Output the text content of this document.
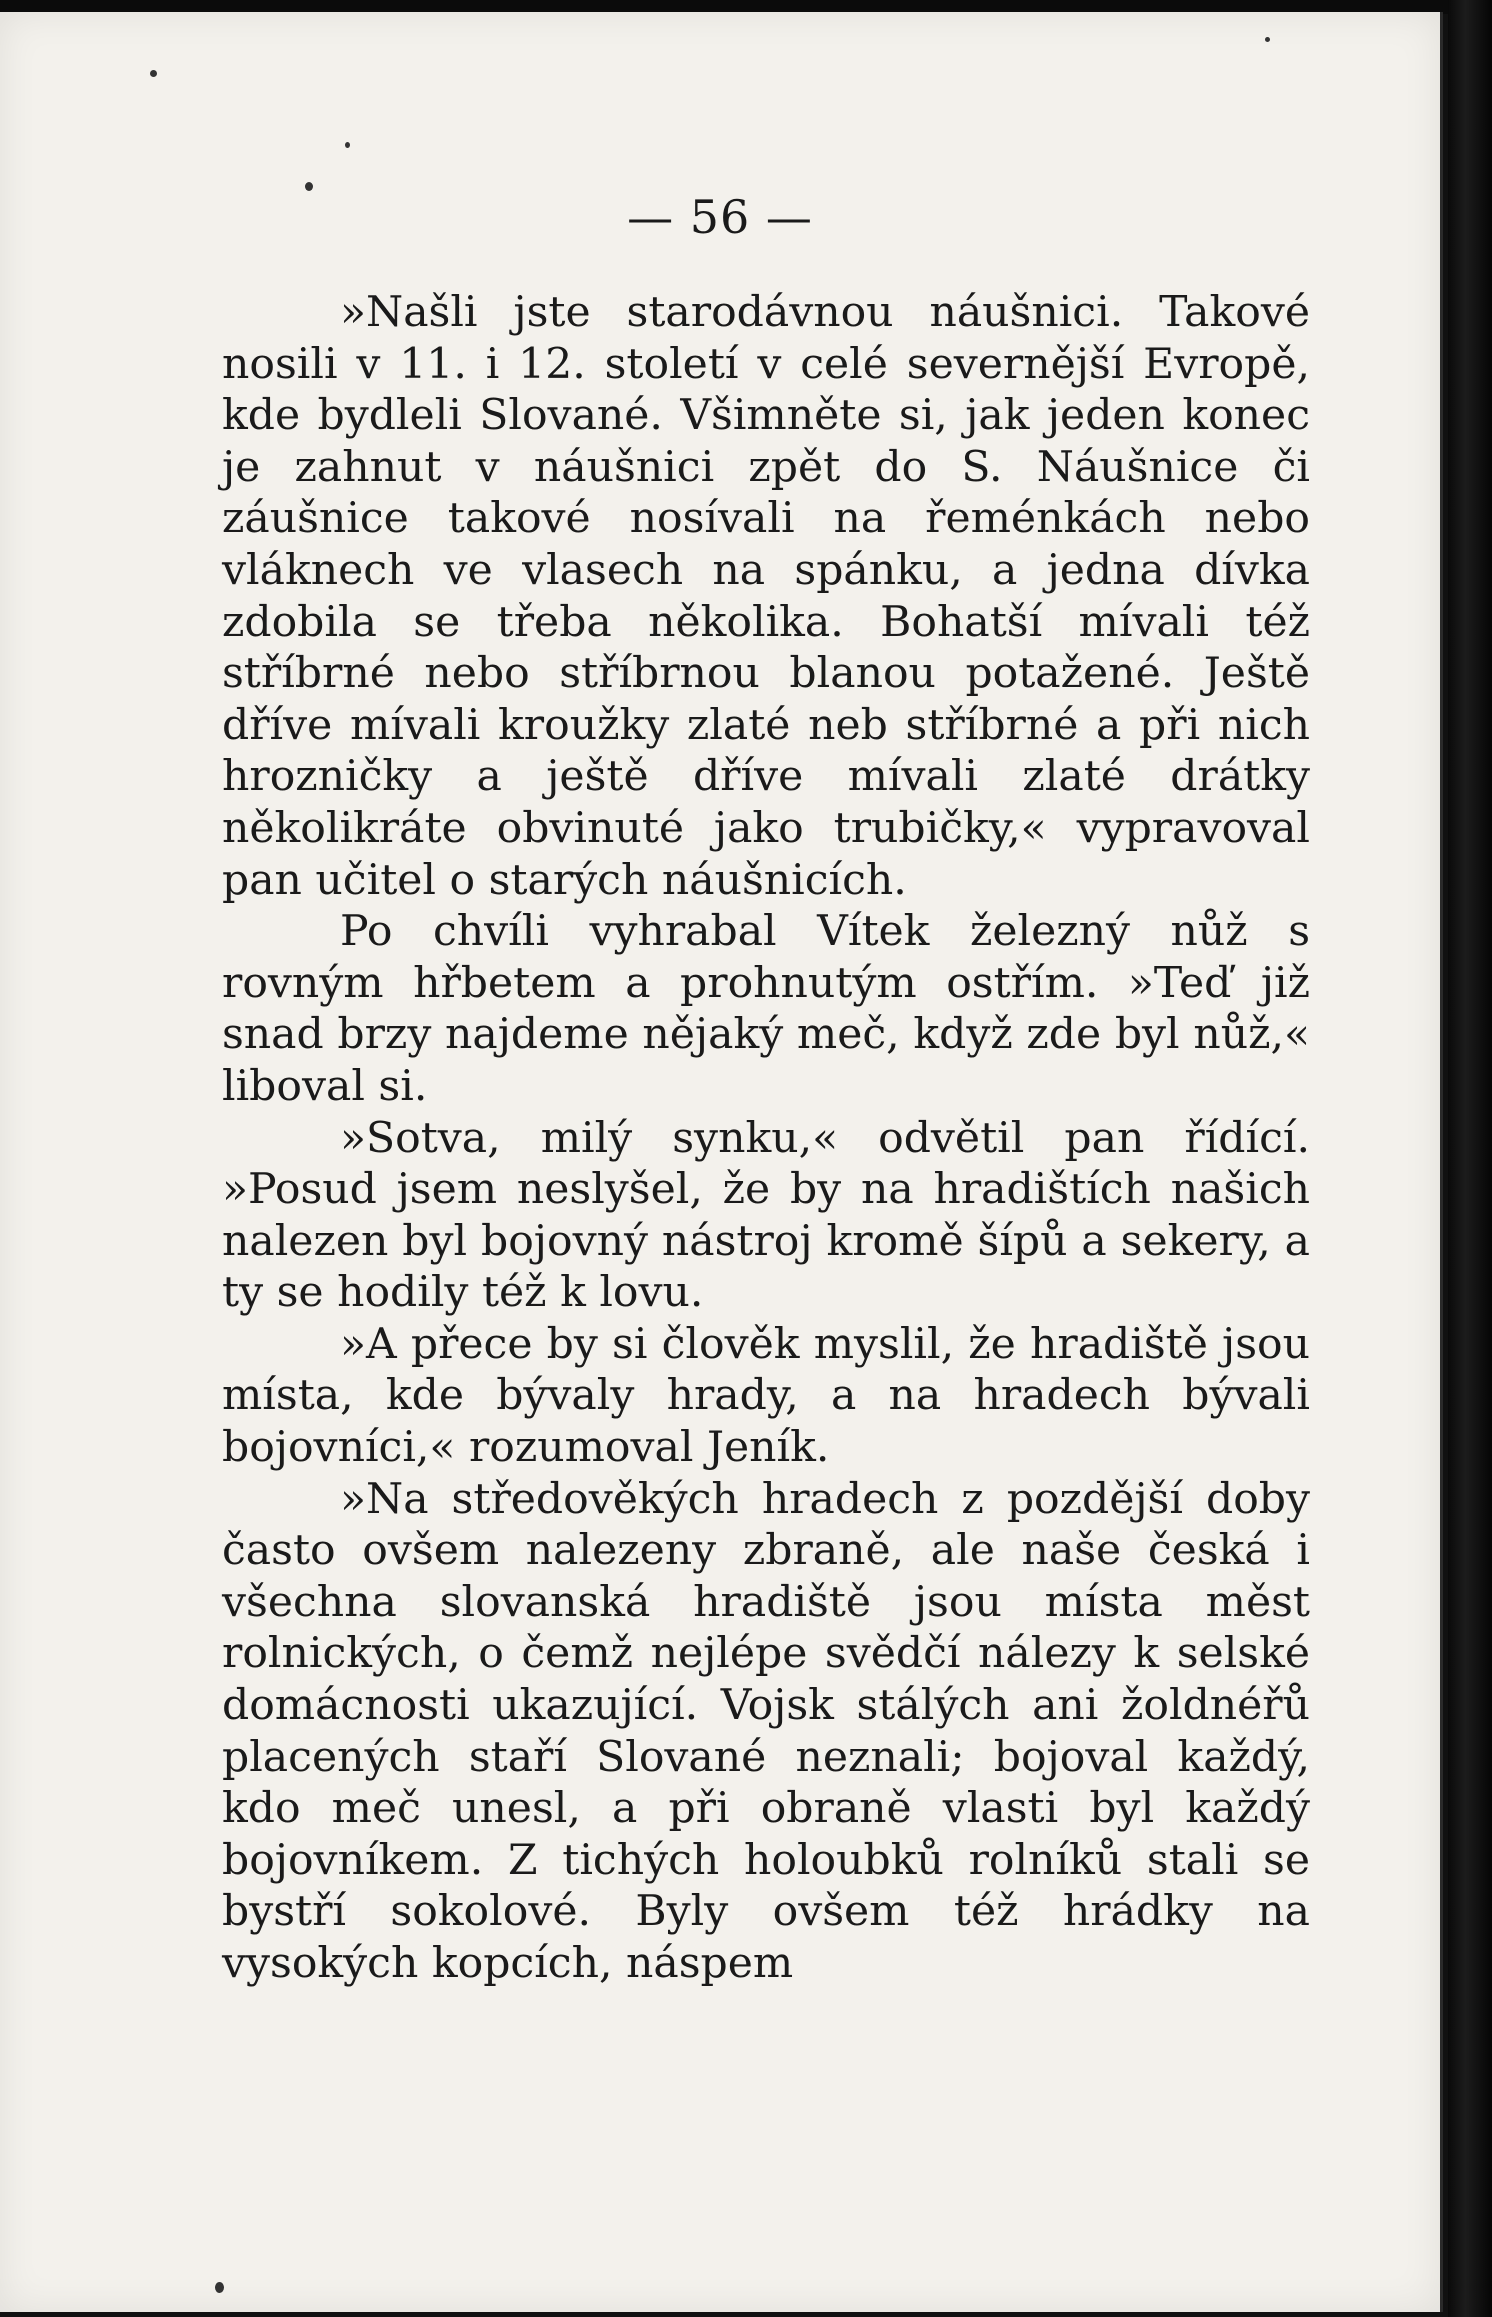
— 56 —

»Našli jste starodávnou náušnici. Takové nosili v 11. i 12. století v celé severnější Evropě, kde bydleli Slované. Všimněte si, jak jeden konec je zahnut v náušnici zpět do S. Náušnice či záušnice takové nosívali na řeménkách nebo vláknech ve vlasech na spánku, a jedna dívka zdobila se třeba několika. Bohatší mívali též stříbrné nebo stříbrnou blanou potažené. Ještě dříve mívali kroužky zlaté neb stříbrné a při nich hrozničky a ještě dříve mívali zlaté drátky několikráte obvinuté jako trubičky,« vypravoval pan učitel o starých náušnicích.

Po chvíli vyhrabal Vítek železný nůž s rovným hřbetem a prohnutým ostřím. »Teď již snad brzy najdeme nějaký meč, když zde byl nůž,« liboval si.

»Sotva, milý synku,« odvětil pan řídící. »Posud jsem neslyšel, že by na hradištích našich nalezen byl bojovný nástroj kromě šípů a sekery, a ty se hodily též k lovu.

»A přece by si člověk myslil, že hradiště jsou místa, kde bývaly hrady, a na hradech bývali bojovníci,« rozumoval Jeník.

»Na středověkých hradech z pozdější doby často ovšem nalezeny zbraně, ale naše česká i všechna slovanská hradiště jsou místa měst rolnických, o čemž nejlépe svědčí nálezy k selské domácnosti ukazující. Vojsk stálých ani žoldnéřů placených staří Slované neznali; bojoval každý, kdo meč unesl, a při obraně vlasti byl každý bojovníkem. Z tichých holoubků rolníků stali se bystří sokolové. Byly ovšem též hrádky na vysokých kopcích, náspem
